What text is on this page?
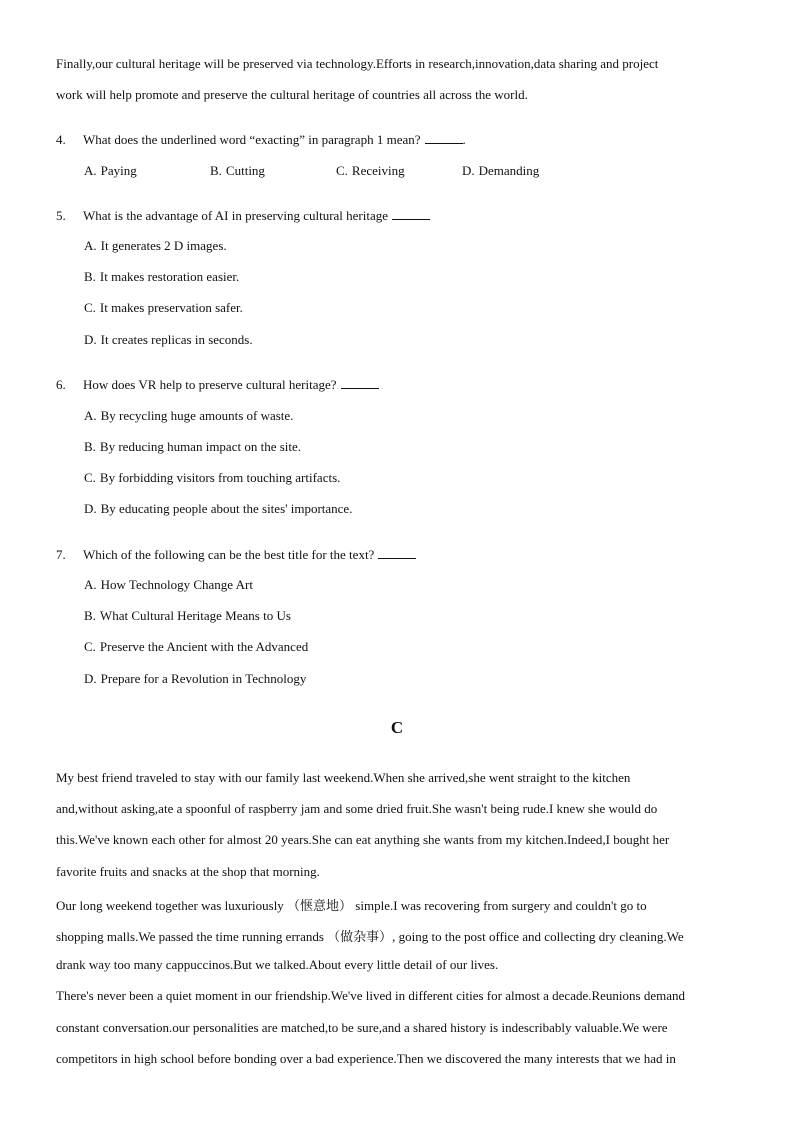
Finally,our cultural heritage will be preserved via technology.Efforts in research,innovation,data sharing and project
work will help promote and preserve the cultural heritage of countries all across the world.
4. What does the underlined word “exacting” in paragraph 1 mean?	.
A. Paying	B. Cutting	C. Receiving	D. Demanding
5. What is the advantage of AI in preserving cultural heritage
A. It generates 2 D images.
B. It makes restoration easier.
C. It makes preservation safer.
D. It creates replicas in seconds.
6. How does VR help to preserve cultural heritage?
A. By recycling huge amounts of waste.
B. By reducing human impact on the site.
C. By forbidding visitors from touching artifacts.
D. By educating people about the sites' importance.
7. Which of the following can be the best title for the text?
A. How Technology Change Art
B. What Cultural Heritage Means to Us
C. Preserve the Ancient with the Advanced
D. Prepare for a Revolution in Technology
C
My best friend traveled to stay with our family last weekend.When she arrived,she went straight to the kitchen
and,without asking,ate a spoonful of raspberry jam and some dried fruit.She wasn't being rude.I knew she would do
this.We've known each other for almost 20 years.She can eat anything she wants from my kitchen.Indeed,I bought her
favorite fruits and snacks at the shop that morning.
Our long weekend together was luxuriously （惬意地） simple.I was recovering from surgery and couldn't go to
shopping malls.We passed the time running errands （做杂事）, going to the post office and collecting dry cleaning.We
drank way too many cappuccinos.But we talked.About every little detail of our lives.
There's never been a quiet moment in our friendship.We've lived in different cities for almost a decade.Reunions demand
constant conversation.our personalities are matched,to be sure,and a shared history is indescribably valuable.We were
competitors in high school before bonding over a bad experience.Then we discovered the many interests that we had in
